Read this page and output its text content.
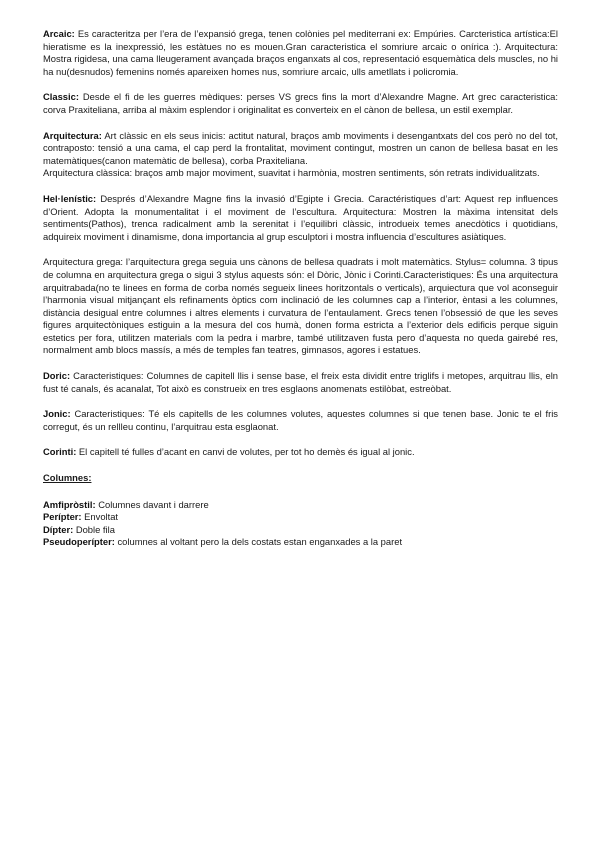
Arcaic: Es caracteritza per l’era de l’expansió grega, tenen colònies pel mediterrani ex: Empúries. Carcteristica artística:El hieratisme es la inexpressió, les estàtues no es mouen.Gran caracteristica el somriure arcaic o onírica :). Arquitectura: Mostra rigidesa, una cama lleugerament avançada braços enganxats al cos, representació esquemàtica dels muscles, no hi ha nu(desnudos) femenins només apareixen homes nus, somriure arcaic, ulls ametllats i policromia.

Classic: Desde el fi de les guerres mèdiques: perses VS grecs fins la mort d’Alexandre Magne. Art grec caracteristica: corva Praxiteliana, arriba al màxim esplendor i originalitat es converteix en el cànon de bellesa, un estil exemplar.

Arquitectura: Art clàssic en els seus inicis: actitut natural, braços amb moviments i desengantxats del cos però no del tot, contraposto: tensió a una cama, el cap perd la frontalitat, moviment contingut, mostren un canon de bellesa basat en les matemàtiques(canon matemàtic de bellesa), corba Praxiteliana.

Arquitectura clàssica: braços amb major moviment, suavitat i harmònia, mostren sentiments, són retrats individualitzats.

Hel·lenístic: Després d’Alexandre Magne fins la invasió d’Egipte i Grecia. Caractéristiques d’art: Aquest rep influences d’Orient. Adopta la monumentalitat i el moviment de l’escultura. Arquitectura: Mostren la màxima intensitat dels sentiments(Pathos), trenca radicalment amb la serenitat i l’equilibri clàssic, introdueix temes anecdòtics i quotidians, adquireix moviment i dinamisme, dona importancia al grup esculptori i mostra influencia d’escultures asiàtiques.

Arquitectura grega: l’arquitectura grega seguia uns cànons de bellesa quadrats i molt matemàtics. Stylus= columna. 3 tipus de columna en arquitectura grega o sigui 3 stylus aquests són: el Dòric, Jònic i Corinti.Caracteristiques: És una arquitectura arquitrabada(no te linees en forma de corba només segueix linees horitzontals o verticals), arquiectura que vol aconseguir l’harmonia visual mitjançant els refinaments òptics com inclinació de les columnes cap a l’interior, èntasi a les columnes, distància desigual entre columnes i altres elements i curvatura de l’entaulament. Grecs tenen l’obsessió de que les seves figures arquitectòniques estiguin a la mesura del cos humà, donen forma estricta a l’exterior dels edificis perque siguin estetics per fora, utilitzen materials com la pedra i marbre, també utilitzaven fusta pero d’aquesta no queda gairebé res, normalment amb blocs massís, a més de temples fan teatres, gimnasos, agores i estatues.

Doric: Caracteristiques: Columnes de capitell llis i sense base, el freix esta dividit entre triglifs i metopes, arquitrau llis, eln fust té canals, és acanalat, Tot això es construeix en tres esglaons anomenats estilòbat, estreòbat.

Jonic: Caracteristiques: Té els capitells de les columnes volutes, aquestes columnes si que tenen base. Jonic te el fris corregut, és un rellleu continu, l’arquitrau esta esglaonat.

Corinti: El capitell té fulles d’acant en canvi de volutes, per tot ho demès és igual al jonic.

Columnes:

Amfipròstil: Columnes davant i darrere

Perípter: Envoltat

Dípter: Doble fila

Pseudoperípter: columnes al voltant pero la dels costats estan enganxades a la paret
